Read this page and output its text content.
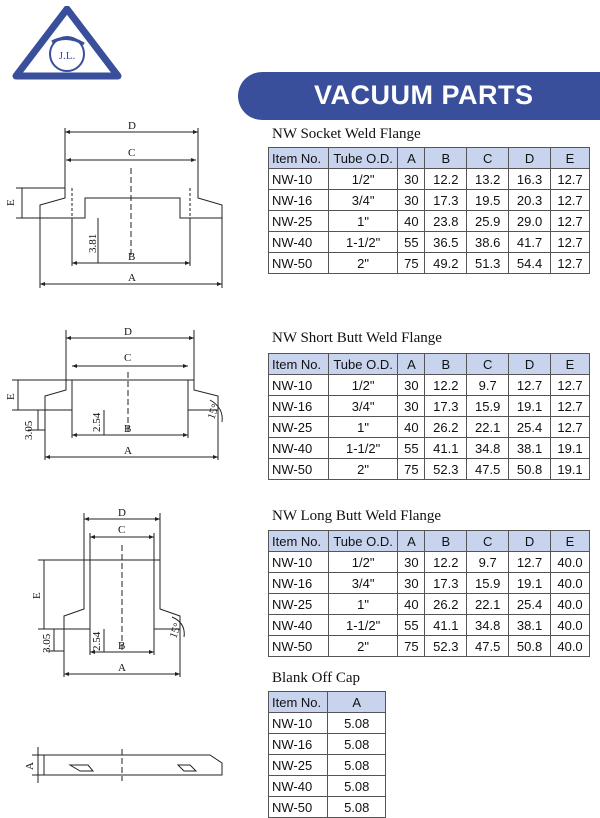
J.L.
VACUUM PARTS
D
C
B
A
E
3.81
D
C
B
A
E
3.05	2.54
15°
D
C
B
A
E
3.05	2.54
15°
A
NW Socket Weld Flange
Item No.	Tube O.D.	A	B	C	D	E
NW-10	1/2"	30	12.2	13.2	16.3	12.7
NW-16	3/4"	30	17.3	19.5	20.3	12.7
NW-25	1"	40	23.8	25.9	29.0	12.7
NW-40	1-1/2"	55	36.5	38.6	41.7	12.7
NW-50	2"	75	49.2	51.3	54.4	12.7
NW Short Butt Weld Flange
Item No.	Tube O.D.	A	B	C	D	E
NW-10	1/2"	30	12.2	9.7	12.7	12.7
NW-16	3/4"	30	17.3	15.9	19.1	12.7
NW-25	1"	40	26.2	22.1	25.4	12.7
NW-40	1-1/2"	55	41.1	34.8	38.1	19.1
NW-50	2"	75	52.3	47.5	50.8	19.1
NW Long Butt Weld Flange
Item No.	Tube O.D.	A	B	C	D	E
NW-10	1/2"	30	12.2	9.7	12.7	40.0
NW-16	3/4"	30	17.3	15.9	19.1	40.0
NW-25	1"	40	26.2	22.1	25.4	40.0
NW-40	1-1/2"	55	41.1	34.8	38.1	40.0
NW-50	2"	75	52.3	47.5	50.8	40.0
Blank Off Cap
Item No.	A
NW-10	5.08
NW-16	5.08
NW-25	5.08
NW-40	5.08
NW-50	5.08
